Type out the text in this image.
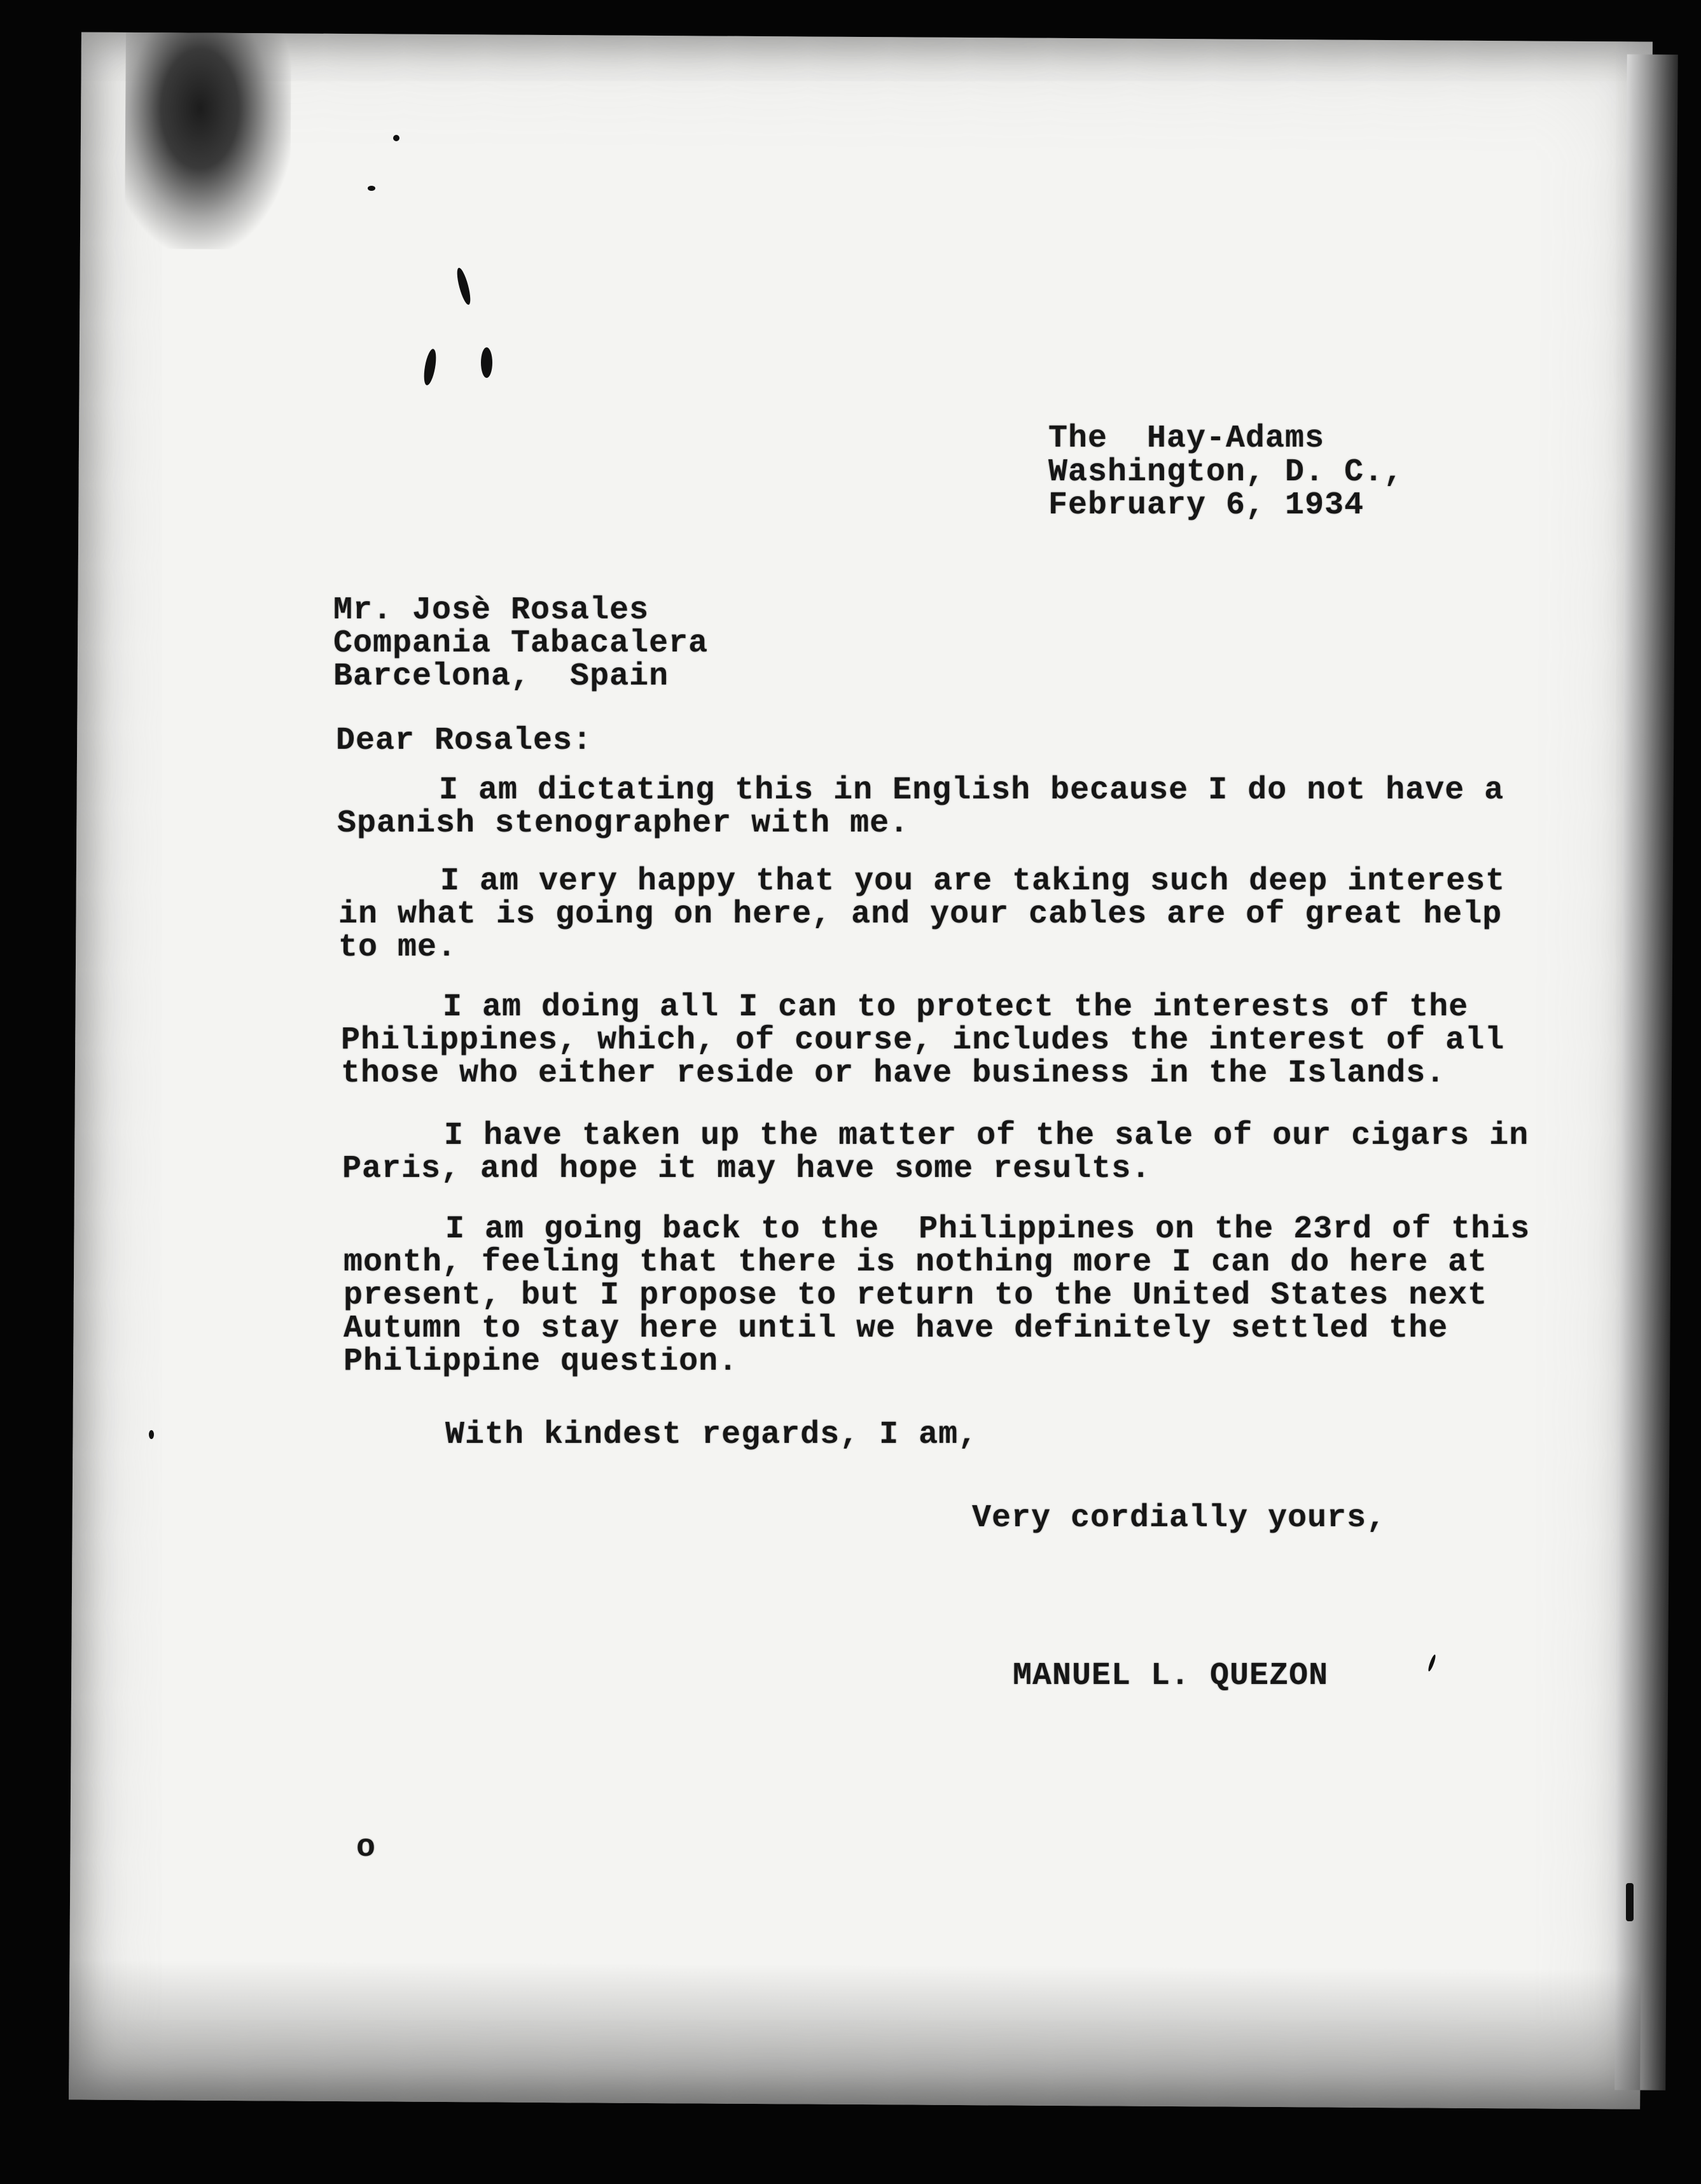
The  Hay-Adams
Washington, D. C.,
February 6, 1934
Mr. Josè Rosales
Compania Tabacalera
Barcelona,  Spain
Dear Rosales:
I am dictating this in English because I do not have a
Spanish stenographer with me.
I am very happy that you are taking such deep interest
in what is going on here, and your cables are of great help
to me.
I am doing all I can to protect the interests of the
Philippines, which, of course, includes the interest of all
those who either reside or have business in the Islands.
I have taken up the matter of the sale of our cigars in
Paris, and hope it may have some results.
I am going back to the  Philippines on the 23rd of this
month, feeling that there is nothing more I can do here at
present, but I propose to return to the United States next
Autumn to stay here until we have definitely settled the
Philippine question.
With kindest regards, I am,
Very cordially yours,
MANUEL L. QUEZON
o
